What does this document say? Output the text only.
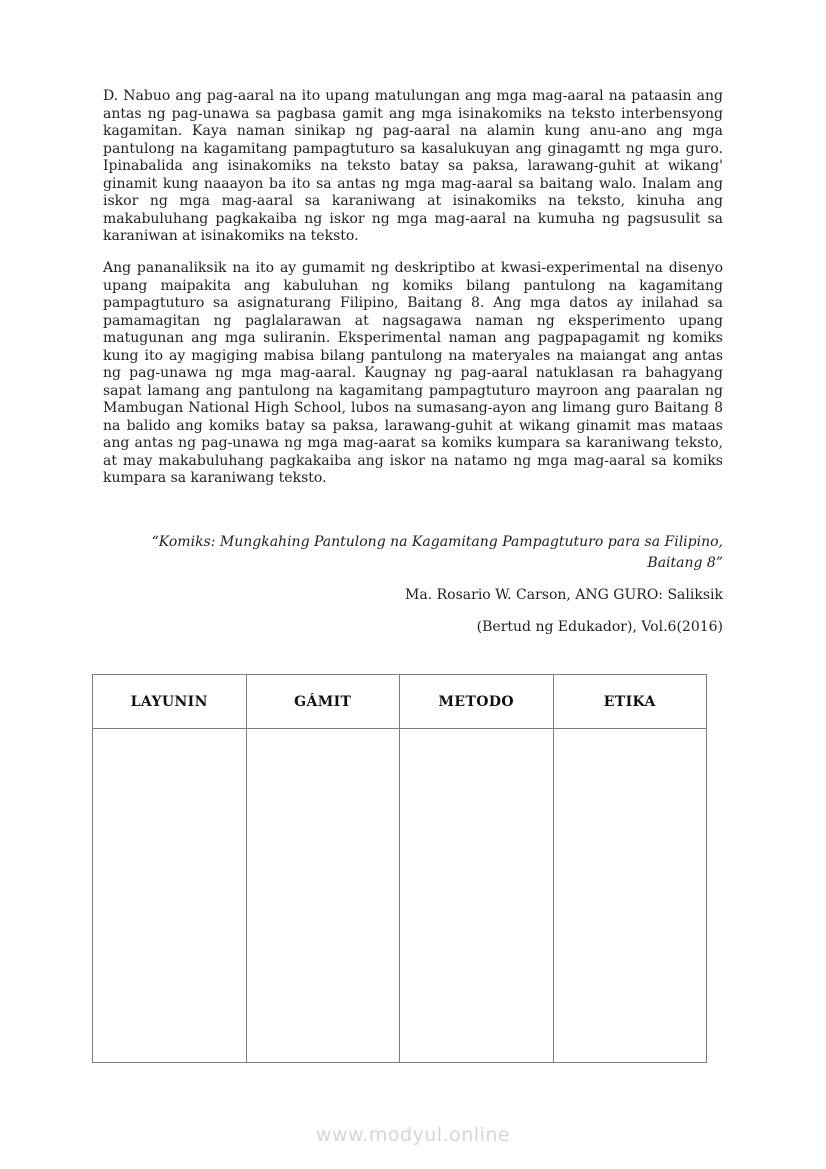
D. Nabuo ang pag-aaral na ito upang matulungan ang mga mag-aaral na pataasin ang antas ng pag-unawa sa pagbasa gamit ang mga isinakomiks na teksto interbensyong kagamitan. Kaya naman sinikap ng pag-aaral na alamin kung anu-ano ang mga pantulong na kagamitang pampagtuturo sa kasalukuyan ang ginagamtt ng mga guro. Ipinabalida ang isinakomiks na teksto batay sa paksa, larawang-guhit at wikang' ginamit kung naaayon ba ito sa antas ng mga mag-aaral sa baitang walo. Inalam ang iskor ng mga mag-aaral sa karaniwang at isinakomiks na teksto, kinuha ang makabuluhang pagkakaiba ng iskor ng mga mag-aaral na kumuha ng pagsusulit sa karaniwan at isinakomiks na teksto.

Ang pananaliksik na ito ay gumamit ng deskriptibo at kwasi-experimental na disenyo upang maipakita ang kabuluhan ng komiks bilang pantulong na kagamitang pampagtuturo sa asignaturang Filipino, Baitang 8. Ang mga datos ay inilahad sa pamamagitan ng paglalarawan at nagsagawa naman ng eksperimento upang matugunan ang mga suliranin. Eksperimental naman ang pagpapagamit ng komiks kung ito ay magiging mabisa bilang pantulong na materyales na maiangat ang antas ng pag-unawa ng mga mag-aaral. Kaugnay ng pag-aaral natuklasan ra bahagyang sapat lamang ang pantulong na kagamitang pampagtuturo mayroon ang paaralan ng Mambugan National High School, lubos na sumasang-ayon ang limang guro Baitang 8 na balido ang komiks batay sa paksa, larawang-guhit at wikang ginamit mas mataas ang antas ng pag-unawa ng mga mag-aarat sa komiks kumpara sa karaniwang teksto, at may makabuluhang pagkakaiba ang iskor na natamo ng mga mag-aaral sa komiks kumpara sa karaniwang teksto.

“Komiks: Mungkahing Pantulong na Kagamitang Pampagtuturo para sa Filipino,
Baitang 8”
Ma. Rosario W. Carson, ANG GURO: Saliksik
(Bertud ng Edukador), Vol.6(2016)
LAYUNIN	GÁMIT	METODO	ETIKA

www.modyul.online
